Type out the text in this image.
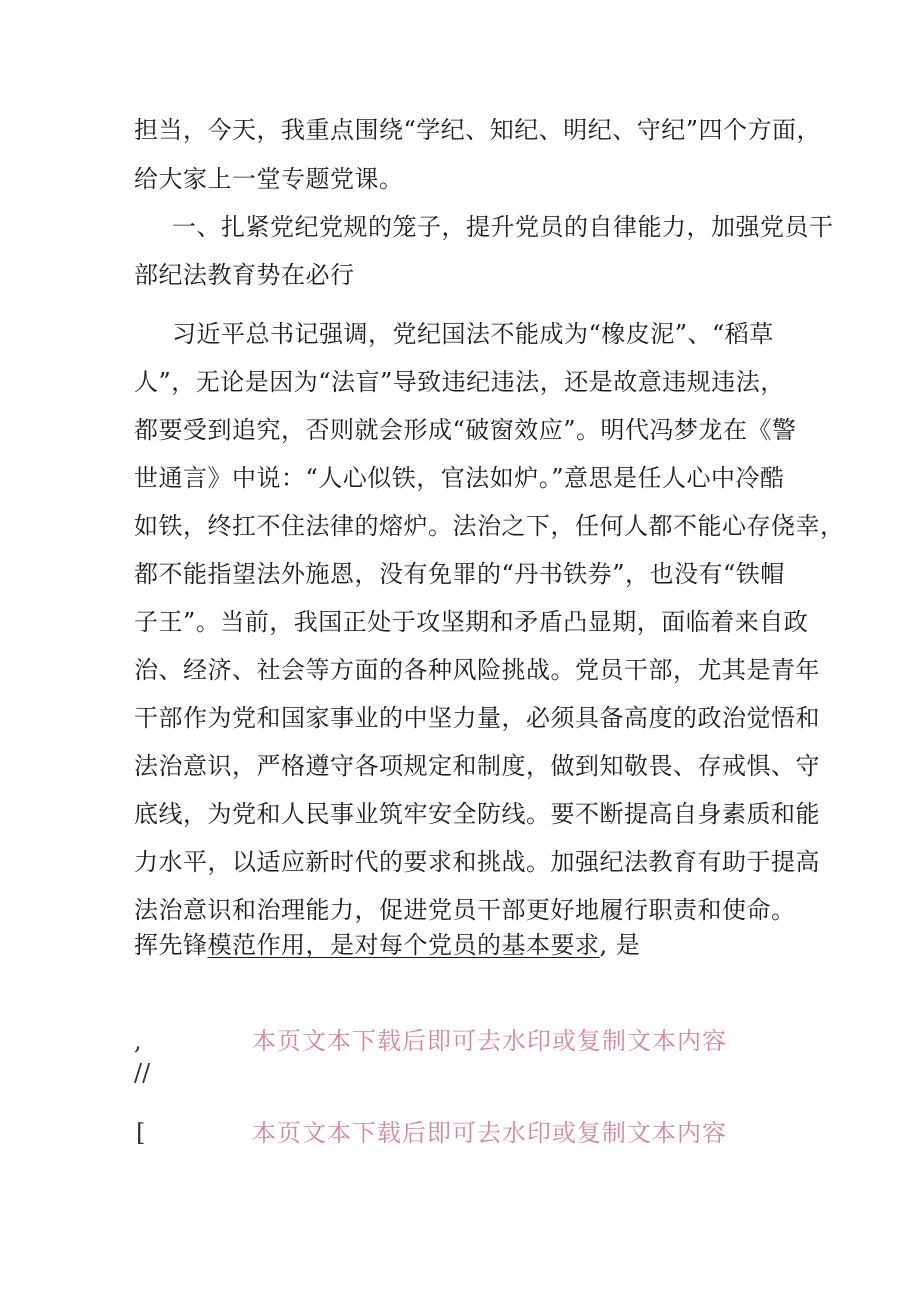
担当，今天，我重点围绕“学纪、知纪、明纪、守纪”四个方面，
给大家上一堂专题党课。
一、扎紧党纪党规的笼子，提升党员的自律能力，加强党员干
部纪法教育势在必行
习近平总书记强调，党纪国法不能成为“橡皮泥”、“稻草
人”，无论是因为“法盲”导致违纪违法，还是故意违规违法，
都要受到追究，否则就会形成“破窗效应”。明代冯梦龙在《警
世通言》中说：“人心似铁，官法如炉。”意思是任人心中冷酷
如铁，终扛不住法律的熔炉。法治之下，任何人都不能心存侥幸，
都不能指望法外施恩，没有免罪的“丹书铁券”，也没有“铁帽
子王”。当前，我国正处于攻坚期和矛盾凸显期，面临着来自政
治、经济、社会等方面的各种风险挑战。党员干部，尤其是青年
干部作为党和国家事业的中坚力量，必须具备高度的政治觉悟和
法治意识，严格遵守各项规定和制度，做到知敬畏、存戒惧、守
底线，为党和人民事业筑牢安全防线。要不断提高自身素质和能
力水平，以适应新时代的要求和挑战。加强纪法教育有助于提高
法治意识和治理能力，促进党员干部更好地履行职责和使命。
挥先锋模范作用，是对每个党员的基本要求, 是
,	本页文本下载后即可去水印或复制文本内容
//
[	本页文本下载后即可去水印或复制文本内容
